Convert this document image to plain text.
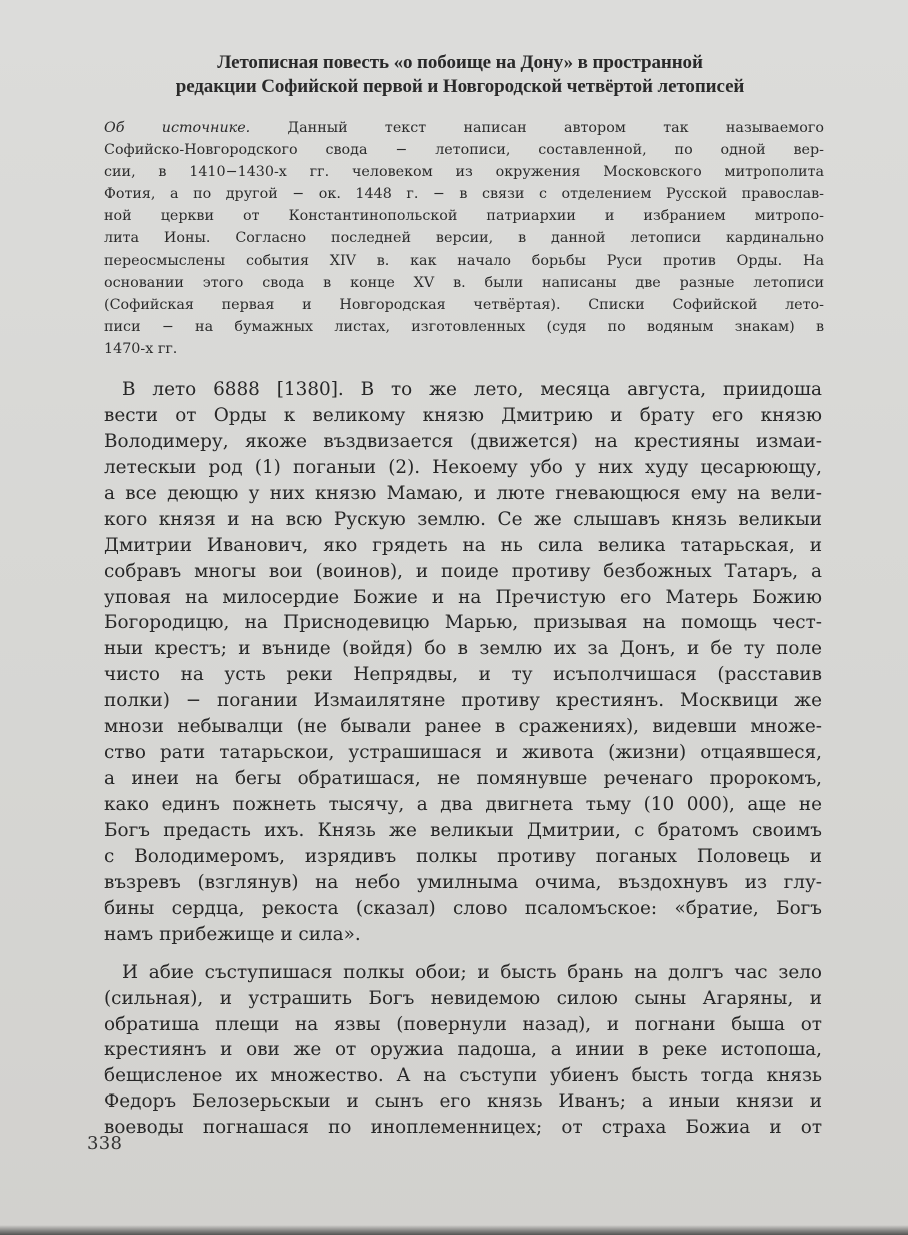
Летописная повесть «о побоище на Дону» в пространной
редакции Софийской первой и Новгородской четвёртой летописей
Об источнике. Данный текст написан автором так называемого
Софийско-Новгородского свода − летописи, составленной, по одной вер-
сии, в 1410−1430-х гг. человеком из окружения Московского митрополита
Фотия, а по другой − ок. 1448 г. − в связи с отделением Русской православ-
ной церкви от Константинопольской патриархии и избранием митропо-
лита Ионы. Согласно последней версии, в данной летописи кардинально
переосмыслены события XIV в. как начало борьбы Руси против Орды. На
основании этого свода в конце XV в. были написаны две разные летописи
(Софийская первая и Новгородская четвёртая). Списки Софийской лето-
писи − на бумажных листах, изготовленных (судя по водяным знакам) в
1470-х гг.
В лето 6888 [1380]. В то же лето, месяца августа, приидоша
вести от Орды к великому князю Дмитрию и брату его князю
Володимеру, якоже въздвизается (движется) на крестияны измаи-
летескыи род (1) поганыи (2). Некоему убо у них худу цесарюющу,
а все деющю у них князю Мамаю, и люте гневающюся ему на вели-
кого князя и на всю Рускую землю. Се же слышавъ князь великыи
Дмитрии Иванович, яко грядеть на нь сила велика татарьская, и
собравъ многы вои (воинов), и поиде противу безбожных Татаръ, а
уповая на милосердие Божие и на Пречистую его Матерь Божию
Богородицю, на Приснодевицю Марью, призывая на помощь чест-
ныи крестъ; и въниде (войдя) бо в землю их за Донъ, и бе ту поле
чисто на усть реки Непрядвы, и ту исъполчишася (расставив
полки) − погании Измаилятяне противу крестиянъ. Москвици же
мнози небывалци (не бывали ранее в сражениях), видевши множе-
ство рати татарьскои, устрашишася и живота (жизни) отцаявшеся,
а инеи на бегы обратишася, не помянувше реченаго пророкомъ,
како единъ пожнеть тысячу, а два двигнета тьму (10 000), аще не
Богъ предасть ихъ. Князь же великыи Дмитрии, с братомъ своимъ
с Володимеромъ, изрядивъ полкы противу поганых Половець и
възревъ (взглянув) на небо умилныма очима, въздохнувъ из глу-
бины сердца, рекоста (сказал) слово псаломъское: «братие, Богъ
намъ прибежище и сила».
И абие съступишася полкы обои; и бысть брань на долгъ час зело
(сильная), и устрашить Богъ невидемою силою сыны Агаряны, и
обратиша плещи на язвы (повернули назад), и погнани быша от
крестиянъ и ови же от оружиа падоша, а инии в реке истопоша,
бещисленое их множество. А на съступи убиенъ бысть тогда князь
Федоръ Белозерьскыи и сынъ его князь Иванъ; а иныи князи и
воеводы погнашася по иноплеменницех; от страха Божиа и от
338
